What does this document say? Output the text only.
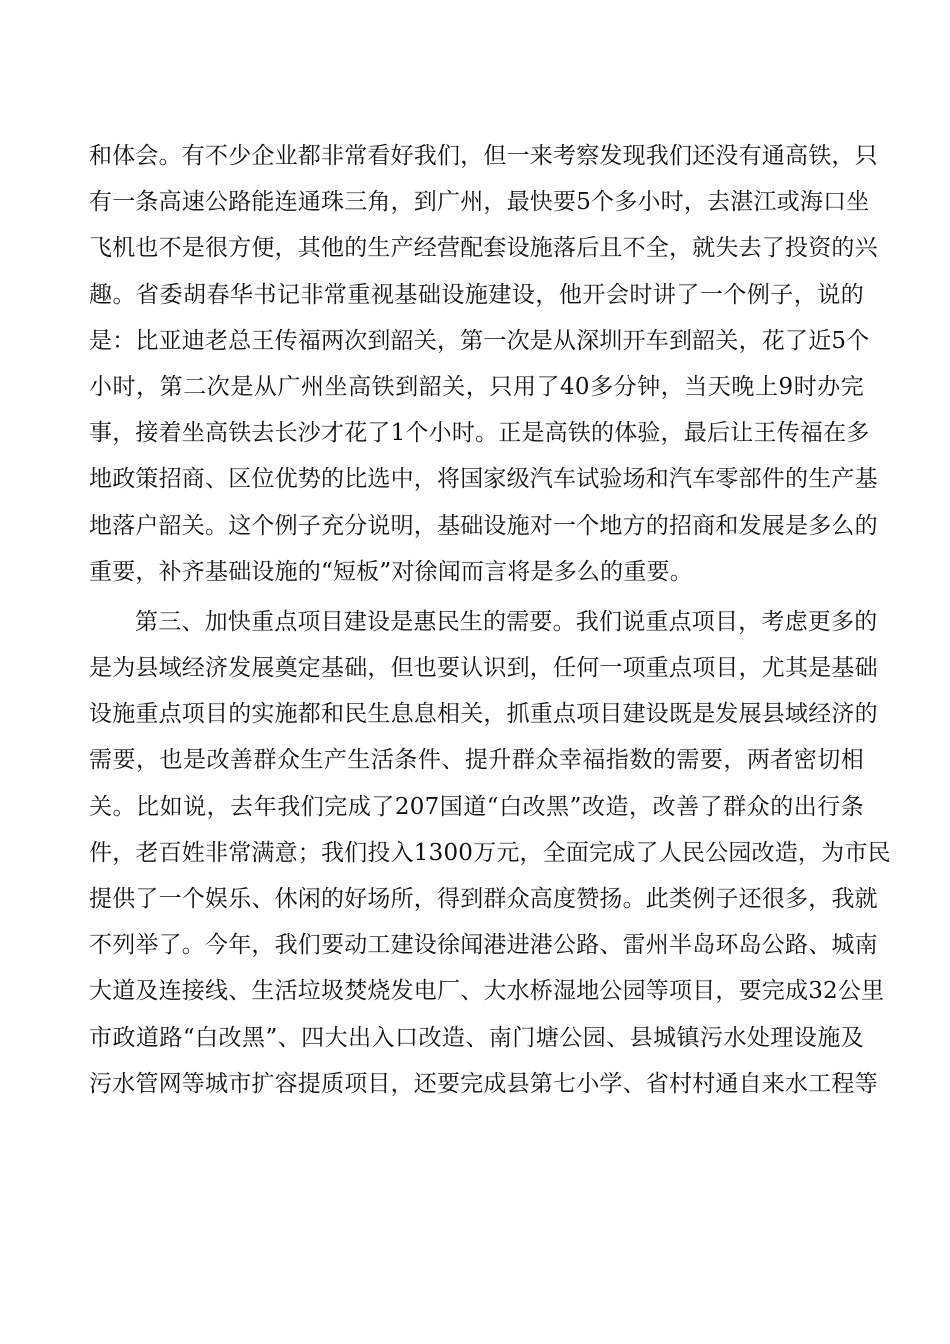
和体会。有不少企业都非常看好我们，但一来考察发现我们还没有通高铁，只
有一条高速公路能连通珠三角，到广州，最快要5个多小时，去湛江或海口坐
飞机也不是很方便，其他的生产经营配套设施落后且不全，就失去了投资的兴
趣。省委胡春华书记非常重视基础设施建设，他开会时讲了一个例子，说的
是：比亚迪老总王传福两次到韶关，第一次是从深圳开车到韶关，花了近5个
小时，第二次是从广州坐高铁到韶关，只用了40多分钟，当天晚上9时办完
事，接着坐高铁去长沙才花了1个小时。正是高铁的体验，最后让王传福在多
地政策招商、区位优势的比选中，将国家级汽车试验场和汽车零部件的生产基
地落户韶关。这个例子充分说明，基础设施对一个地方的招商和发展是多么的
重要，补齐基础设施的“短板”对徐闻而言将是多么的重要。
第三、加快重点项目建设是惠民生的需要。我们说重点项目，考虑更多的
是为县域经济发展奠定基础，但也要认识到，任何一项重点项目，尤其是基础
设施重点项目的实施都和民生息息相关，抓重点项目建设既是发展县域经济的
需要，也是改善群众生产生活条件、提升群众幸福指数的需要，两者密切相
关。比如说，去年我们完成了207国道“白改黑”改造，改善了群众的出行条
件，老百姓非常满意；我们投入1300万元，全面完成了人民公园改造，为市民
提供了一个娱乐、休闲的好场所，得到群众高度赞扬。此类例子还很多，我就
不列举了。今年，我们要动工建设徐闻港进港公路、雷州半岛环岛公路、城南
大道及连接线、生活垃圾焚烧发电厂、大水桥湿地公园等项目，要完成32公里
市政道路“白改黑”、四大出入口改造、南门塘公园、县城镇污水处理设施及
污水管网等城市扩容提质项目，还要完成县第七小学、省村村通自来水工程等
